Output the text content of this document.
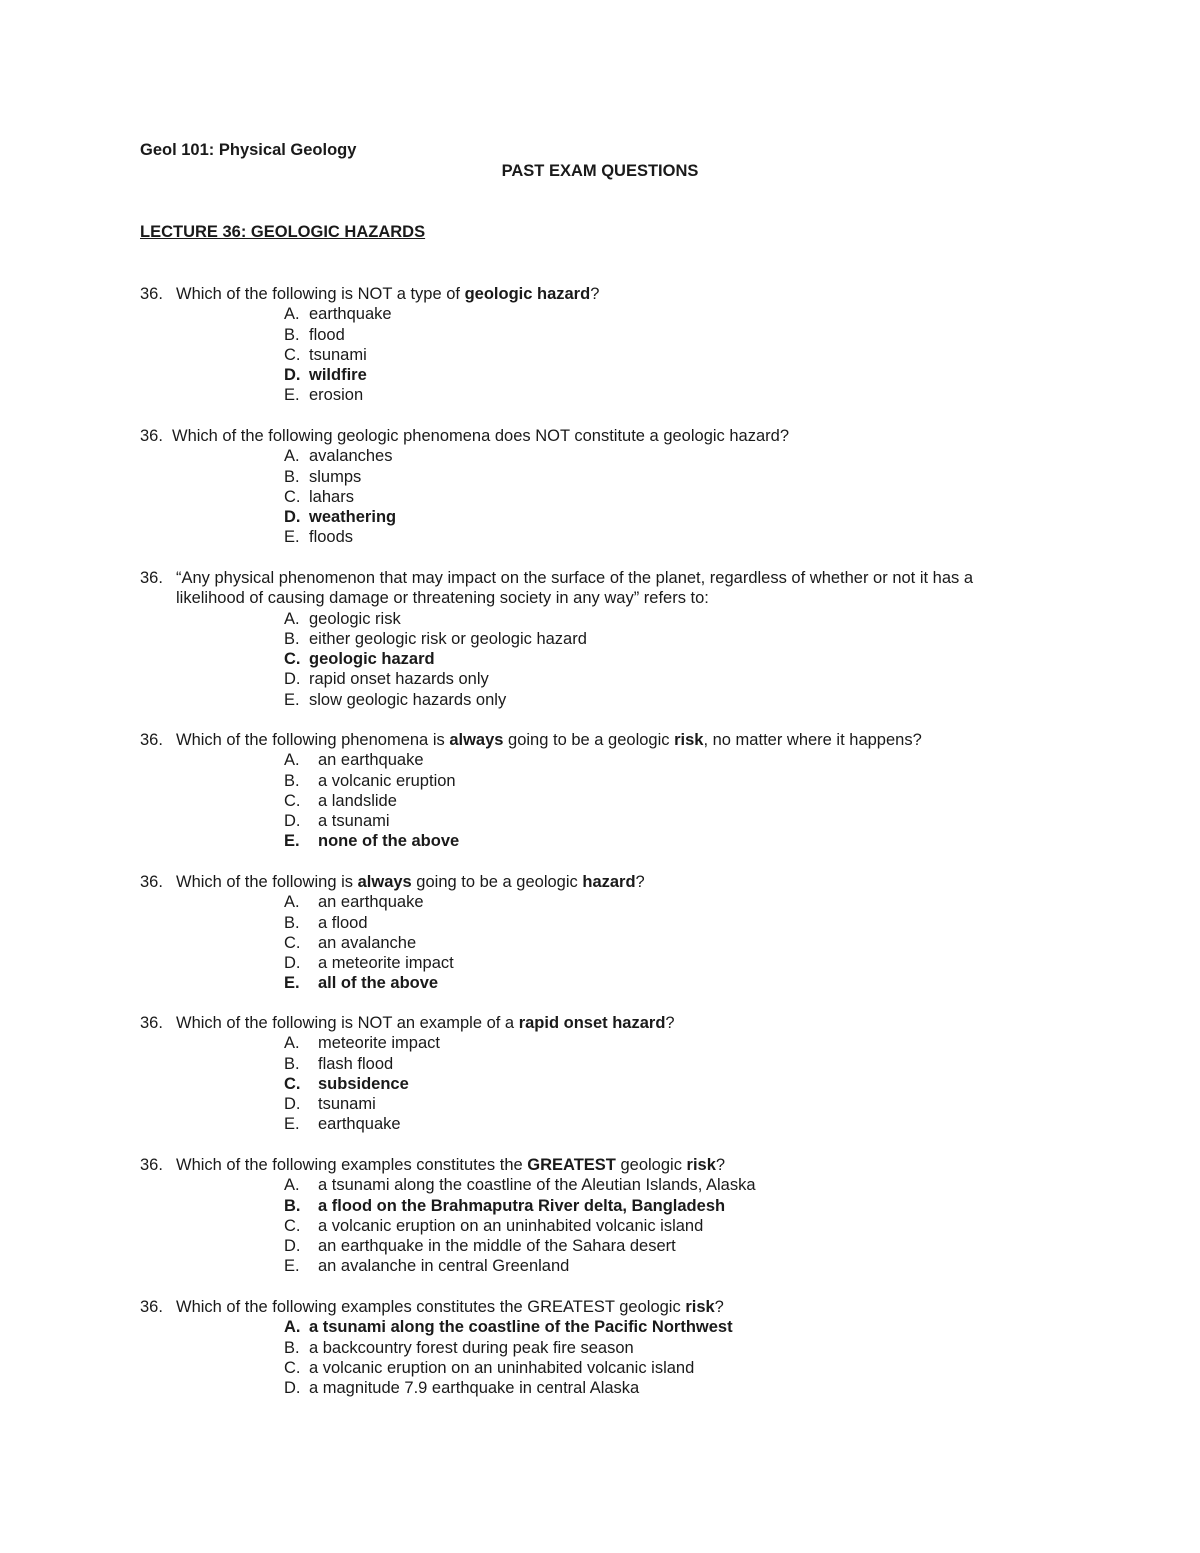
Geol 101: Physical Geology
PAST EXAM QUESTIONS
LECTURE 36: GEOLOGIC HAZARDS
36. Which of the following is NOT a type of geologic hazard?
A. earthquake
B. flood
C. tsunami
D. wildfire
E. erosion
36. Which of the following geologic phenomena does NOT constitute a geologic hazard?
A. avalanches
B. slumps
C. lahars
D. weathering
E. floods
36. “Any physical phenomenon that may impact on the surface of the planet, regardless of whether or not it has a likelihood of causing damage or threatening society in any way” refers to:
A. geologic risk
B. either geologic risk or geologic hazard
C. geologic hazard
D. rapid onset hazards only
E. slow geologic hazards only
36. Which of the following phenomena is always going to be a geologic risk, no matter where it happens?
A.	an earthquake
B.	a volcanic eruption
C.	a landslide
D.	a tsunami
E.	none of the above
36. Which of the following is always going to be a geologic hazard?
A.	an earthquake
B.	a flood
C.	an avalanche
D.	a meteorite impact
E.	all of the above
36. Which of the following is NOT an example of a rapid onset hazard?
A.	meteorite impact
B.	flash flood
C.	subsidence
D.	tsunami
E.	earthquake
36. Which of the following examples constitutes the GREATEST geologic risk?
A.	a tsunami along the coastline of the Aleutian Islands, Alaska
B.	a flood on the Brahmaputra River delta, Bangladesh
C.	a volcanic eruption on an uninhabited volcanic island
D.	an earthquake in the middle of the Sahara desert
E.	an avalanche in central Greenland
36. Which of the following examples constitutes the GREATEST geologic risk?
A. a tsunami along the coastline of the Pacific Northwest
B. a backcountry forest during peak fire season
C. a volcanic eruption on an uninhabited volcanic island
D. a magnitude 7.9 earthquake in central Alaska
